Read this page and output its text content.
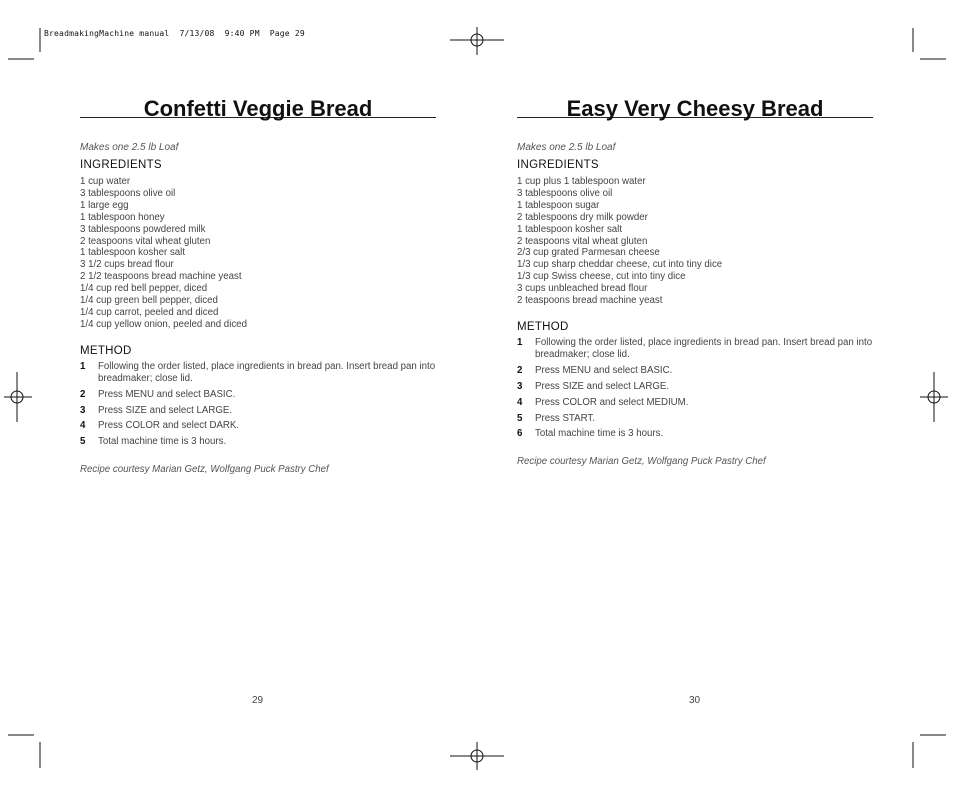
BreadmakingMachine manual  7/13/08  9:40 PM  Page 29
Confetti Veggie Bread
Makes one 2.5 lb Loaf
INGREDIENTS
1 cup water
3 tablespoons olive oil
1 large egg
1 tablespoon honey
3 tablespoons powdered milk
2 teaspoons vital wheat gluten
1 tablespoon kosher salt
3 1/2 cups bread flour
2 1/2 teaspoons bread machine yeast
1/4 cup red bell pepper, diced
1/4 cup green bell pepper, diced
1/4 cup carrot, peeled and diced
1/4 cup yellow onion, peeled and diced
METHOD
1 Following the order listed, place ingredients in bread pan. Insert bread pan into breadmaker; close lid.
2 Press MENU and select BASIC.
3 Press SIZE and select LARGE.
4 Press COLOR and select DARK.
5 Total machine time is 3 hours.
Recipe courtesy Marian Getz, Wolfgang Puck Pastry Chef
29
Easy Very Cheesy Bread
Makes one 2.5 lb Loaf
INGREDIENTS
1 cup plus 1 tablespoon water
3 tablespoons olive oil
1 tablespoon sugar
2 tablespoons dry milk powder
1 tablespoon kosher salt
2 teaspoons vital wheat gluten
2/3 cup grated Parmesan cheese
1/3 cup sharp cheddar cheese, cut into tiny dice
1/3 cup Swiss cheese, cut into tiny dice
3 cups unbleached bread flour
2 teaspoons bread machine yeast
METHOD
1 Following the order listed, place ingredients in bread pan. Insert bread pan into breadmaker; close lid.
2 Press MENU and select BASIC.
3 Press SIZE and select LARGE.
4 Press COLOR and select MEDIUM.
5 Press START.
6 Total machine time is 3 hours.
Recipe courtesy Marian Getz, Wolfgang Puck Pastry Chef
30
